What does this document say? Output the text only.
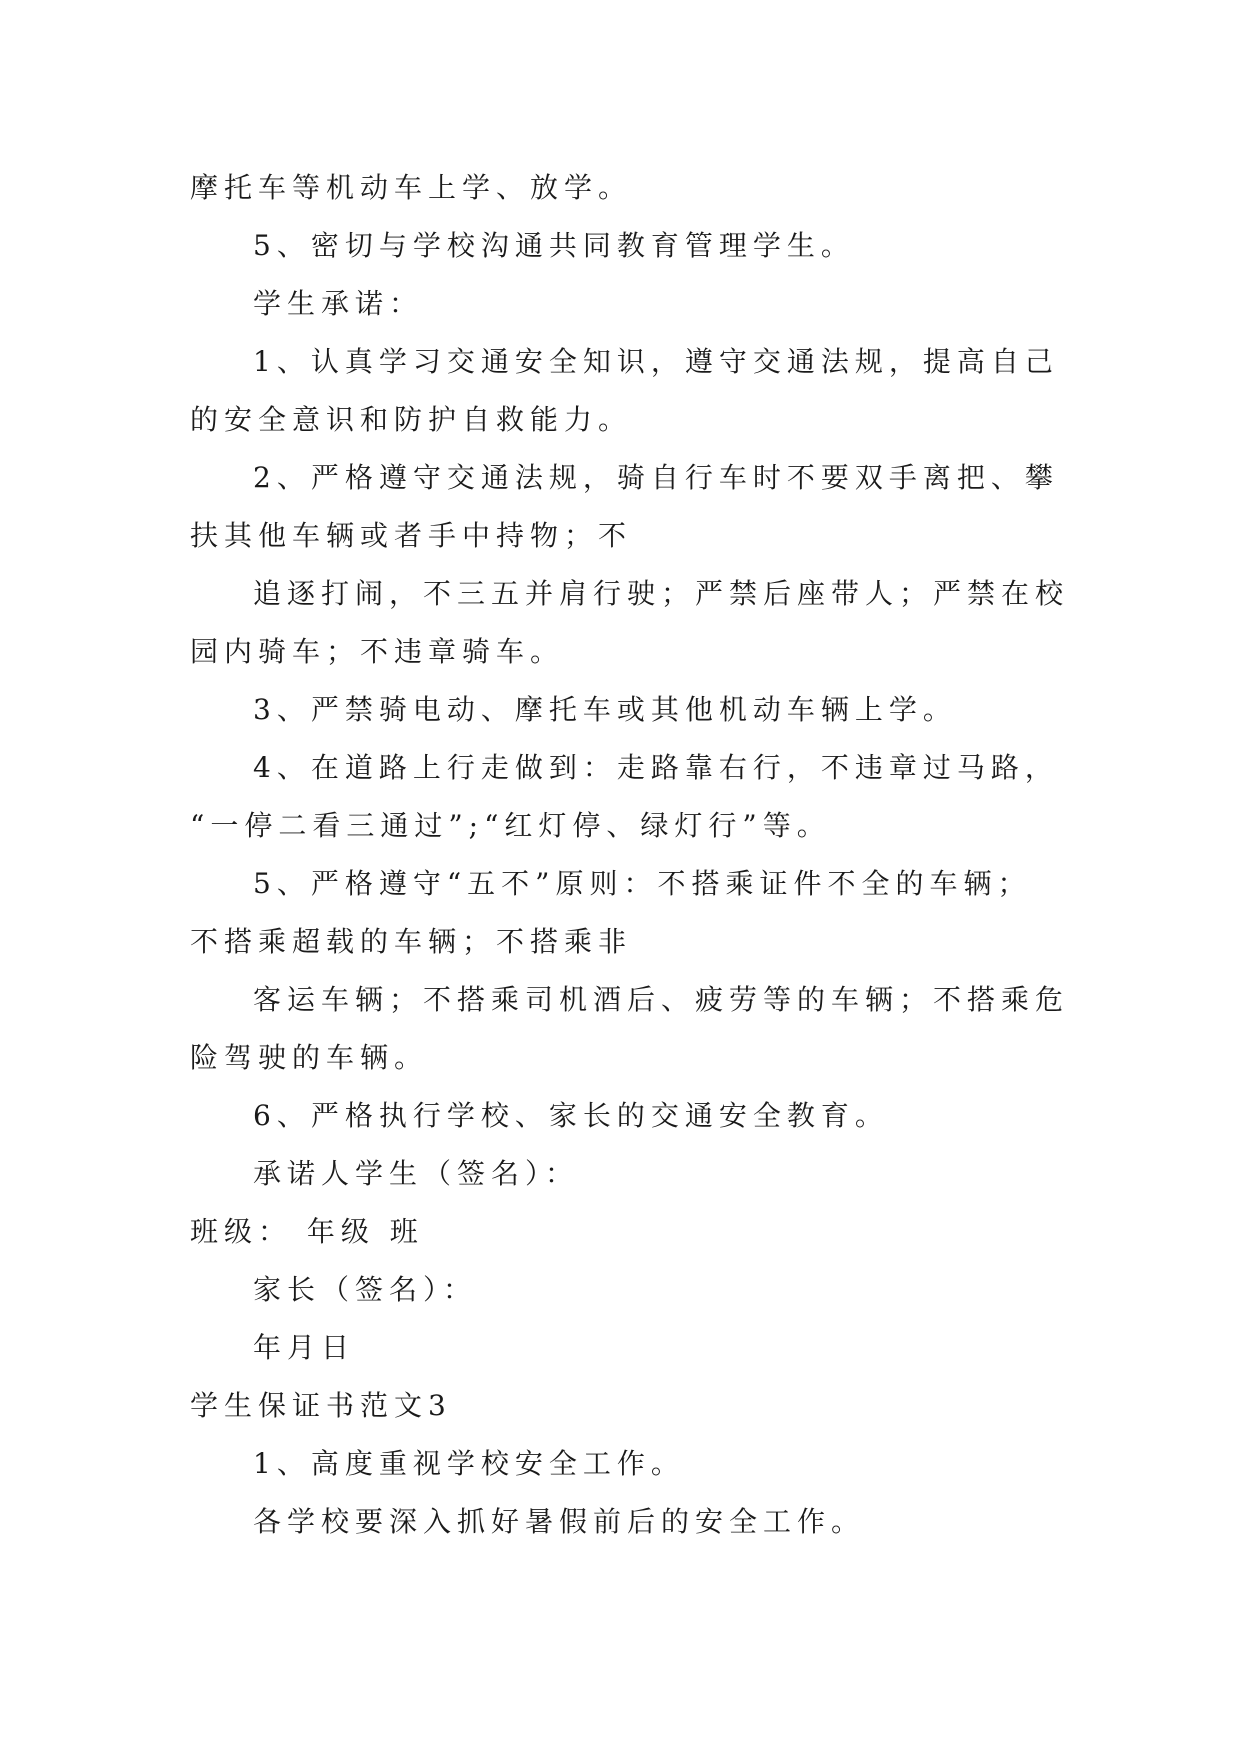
摩托车等机动车上学、放学。
5、密切与学校沟通共同教育管理学生。
学生承诺：
1、认真学习交通安全知识，遵守交通法规，提高自己
的安全意识和防护自救能力。
2、严格遵守交通法规，骑自行车时不要双手离把、攀
扶其他车辆或者手中持物；不
追逐打闹，不三五并肩行驶；严禁后座带人；严禁在校
园内骑车；不违章骑车。
3、严禁骑电动、摩托车或其他机动车辆上学。
4、在道路上行走做到：走路靠右行，不违章过马路，
“一停二看三通过”;“红灯停、绿灯行”等。
5、严格遵守“五不”原则：不搭乘证件不全的车辆；
不搭乘超载的车辆；不搭乘非
客运车辆；不搭乘司机酒后、疲劳等的车辆；不搭乘危
险驾驶的车辆。
6、严格执行学校、家长的交通安全教育。
承诺人学生（签名）：
班级： 年级 班
家长（签名）：
年月日
学生保证书范文3
1、高度重视学校安全工作。
各学校要深入抓好暑假前后的安全工作。
